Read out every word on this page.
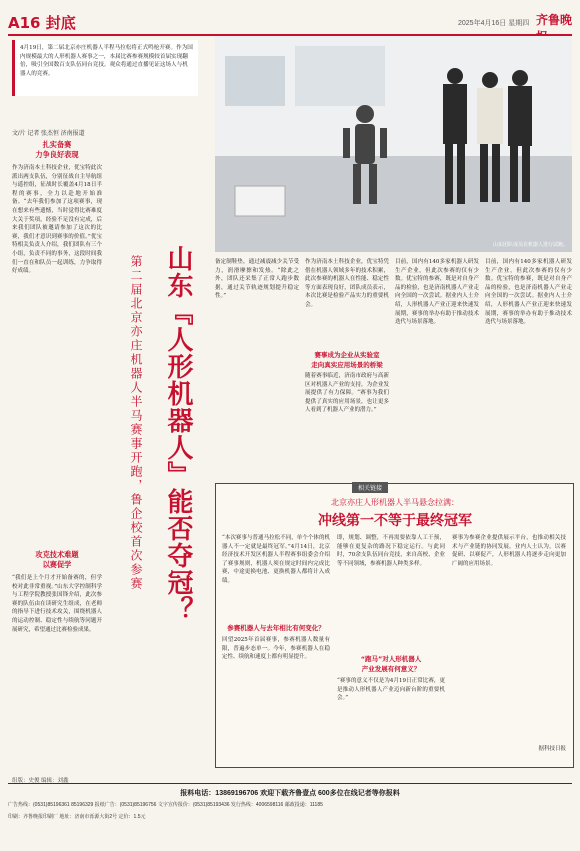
A16 封底	2025年4月16日 星期四 齐鲁晚
4月19日，第二届北京亦庄机器人半程马拉松将正式鸣枪开赛。作为国内规模最大的人形机器人赛事之一，本届比赛参赛规模较首届实现翻倍，吸引全国数百支队伍同台竞技。观众将通过直播见证这场人与机器人的竞赛。
山东团队成员在机器人进行试跑。
文/片 记者 张杰恒 济南报道
扎实备赛
力争良好表现
作为济南本土科技企业，优宝特此次派出两支队伍，分别征战自主导航组与遥控组，征战时长覆盖4月18日半程的赛事，全力以赴地开始准备。“去年我们参加了这项赛事，现在想来有些遗憾，当时觉得比赛难度大关于奖项，经验不足没有完成，后来我们团队被邀请参加了这次的比赛，我们才意识到赛事的价值。”优宝特相关负责人介绍，我们团队有三个小组，负责不同的事务，这段时间我们一直在和队员一起训练，力争取得好成绩。
攻克技术难题
以赛促学
“我们是上个月才开始备赛的，但学校对此非常重视。”山东大学控制科学与工程学院教授张国锋介绍，此次参赛的队伍由在读研究生组成，在老师的指导下进行技术攻关，围绕机器人的运动控制、稳定性与续航等问题开展研究，希望通过比赛检验成果。
山东『人形机器人』能否夺冠？
第二届北京亦庄机器人半马赛事开跑，鲁企校首次参赛	备定制鞋垫，通过减震减少关节受力，润滑摩擦和发热。“除此之外，团队还采集了正常人跑步数据，通过关节轨迹规划提升稳定性。”
作为济南本土科技企业，优宝特凭借在机器人领域多年的技术积累，此次参赛的机器人在性能、稳定性等方面表现良好，团队成员表示，本次比赛是检验产品实力的重要机会。
赛事成为企业从实验室
走向真实应用场景的桥梁
随着赛事临近，济南市政府与高新区对机器人产业的支持，为企业发展提供了有力保障。“赛事为我们提供了真实的应用场景，也让更多人看到了机器人产业的潜力。”
目前，国内有140多家机器人研发生产企业，但此次参赛的仅有少数。优宝特的参赛，既是对自身产品的检验，也是济南机器人产业走向全国的一次尝试。据业内人士介绍，人形机器人产业正迎来快速发展期，赛事的举办有助于推动技术迭代与场景落地。
目前，国内有140多家机器人研发生产企业，但此次参赛的仅有少数。优宝特的参赛，既是对自身产品的检验，也是济南机器人产业走向全国的一次尝试。据业内人士介绍，人形机器人产业正迎来快速发展期，赛事的举办有助于推动技术迭代与场景落地。
相关链接
北京亦庄人形机器人半马悬念拉满：
冲线第一不等于最终冠军
“本次赛事与普通马拉松不同，单个个体的机器人不一定就是最终冠军。”4月14日，北京经济技术开发区机器人半程赛事组委会介绍了赛事规则，机器人须在规定时间内完成比赛，中途更换电池、更换机器人都将计入成绩。
参赛机器人与去年相比有何变化？
回望2025年首届赛事，参赛机器人数量有限，普遍步态单一。今年，参赛机器人在稳定性、续航和速度上都有明显提升。
即，规划、调整，不再需要依靠人工干预，能够在更复杂的路况下稳定运行。与此同时，70余支队伍同台竞技，来自高校、企业等不同领域，参赛机器人种类多样。
“跑马”对人形机器人
产业发展有何意义？
“赛事的意义不仅是为4月19日正常比赛，更是推动人形机器人产业迈向新台阶的重要机会。”
赛事为参赛企业提供展示平台，也推动相关技术与产业链的协同发展。业内人士认为，以赛促研、以赛促产，人形机器人将逐步走向更加广阔的应用场景。
据科技日报
组版：史俊 编辑：刘鑫
报料电话：13869196706 欢迎下载齐鲁壹点 600多位在线记者等你报料
广告热线：(0531)85196361 85196329 报纸广告：(0531)85196756 文字宣传报价：(0531)85193436 发行热线：4006598116 邮政投递：11185
印刷：齐鲁晚报印刷厂 地址：济南市泺源大街2号 定价：1.5元
